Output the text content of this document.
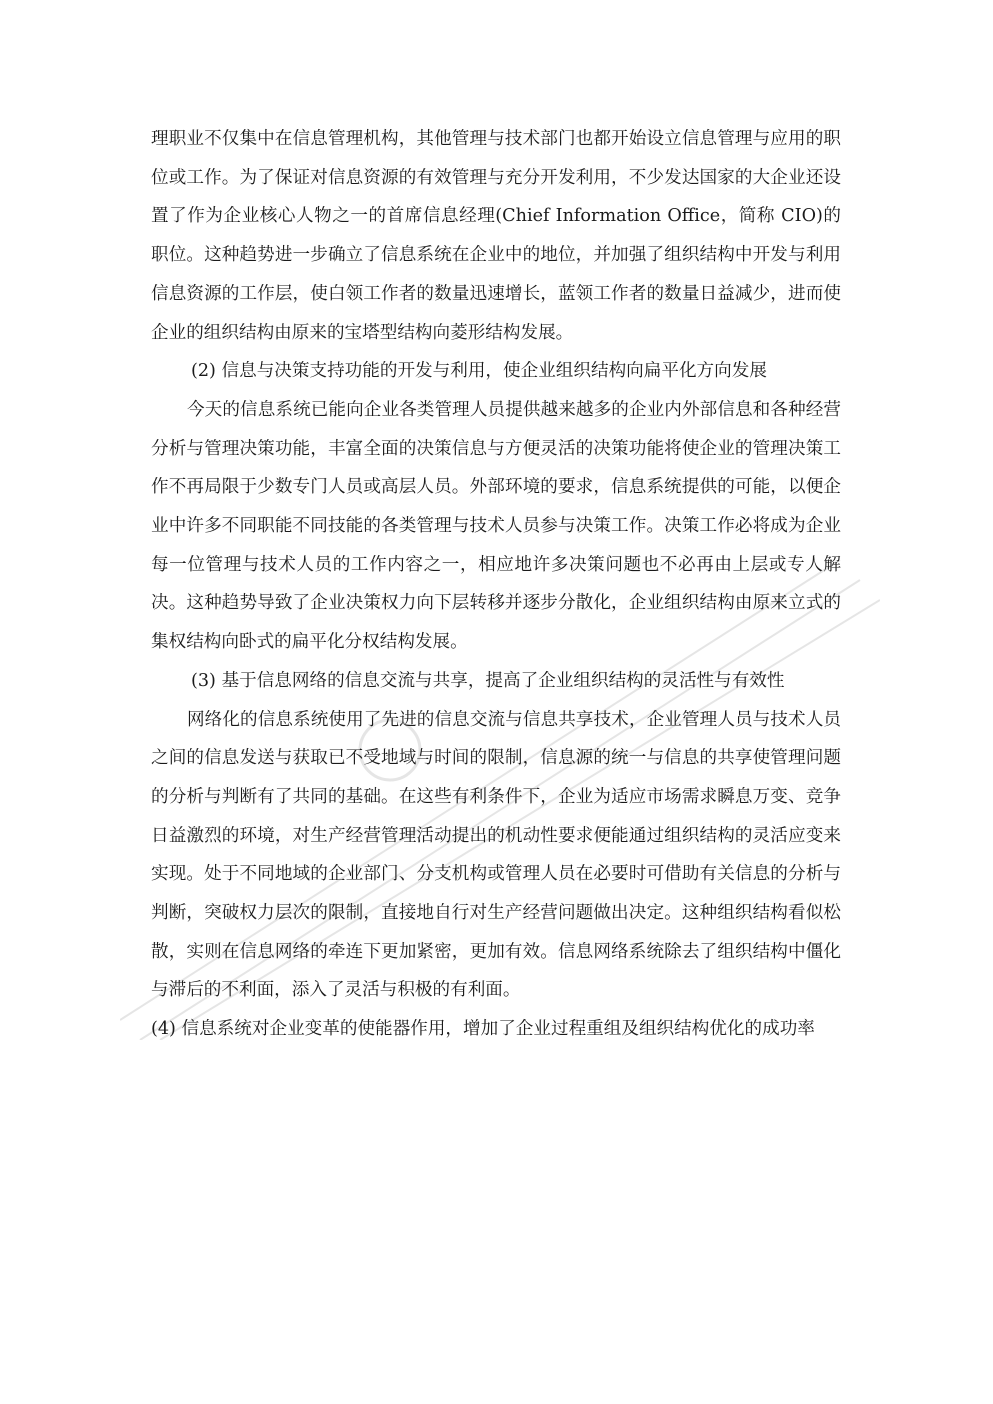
理职业不仅集中在信息管理机构，其他管理与技术部门也都开始设立信息管理与应用的职位或工作。为了保证对信息资源的有效管理与充分开发利用，不少发达国家的大企业还设置了作为企业核心人物之一的首席信息经理(Chief Information Office，简称 CIO)的职位。这种趋势进一步确立了信息系统在企业中的地位，并加强了组织结构中开发与利用信息资源的工作层，使白领工作者的数量迅速增长，蓝领工作者的数量日益减少，进而使企业的组织结构由原来的宝塔型结构向菱形结构发展。

(2) 信息与决策支持功能的开发与利用，使企业组织结构向扁平化方向发展

今天的信息系统已能向企业各类管理人员提供越来越多的企业内外部信息和各种经营分析与管理决策功能，丰富全面的决策信息与方便灵活的决策功能将使企业的管理决策工作不再局限于少数专门人员或高层人员。外部环境的要求，信息系统提供的可能，以便企业中许多不同职能不同技能的各类管理与技术人员参与决策工作。决策工作必将成为企业每一位管理与技术人员的工作内容之一，相应地许多决策问题也不必再由上层或专人解决。这种趋势导致了企业决策权力向下层转移并逐步分散化，企业组织结构由原来立式的集权结构向卧式的扁平化分权结构发展。

(3) 基于信息网络的信息交流与共享，提高了企业组织结构的灵活性与有效性

网络化的信息系统使用了先进的信息交流与信息共享技术，企业管理人员与技术人员之间的信息发送与获取已不受地域与时间的限制，信息源的统一与信息的共享使管理问题的分析与判断有了共同的基础。在这些有利条件下，企业为适应市场需求瞬息万变、竞争日益激烈的环境，对生产经营管理活动提出的机动性要求便能通过组织结构的灵活应变来实现。处于不同地域的企业部门、分支机构或管理人员在必要时可借助有关信息的分析与判断，突破权力层次的限制，直接地自行对生产经营问题做出决定。这种组织结构看似松散，实则在信息网络的牵连下更加紧密，更加有效。信息网络系统除去了组织结构中僵化与滞后的不利面，添入了灵活与积极的有利面。

(4) 信息系统对企业变革的使能器作用，增加了企业过程重组及组织结构优化的成功率
